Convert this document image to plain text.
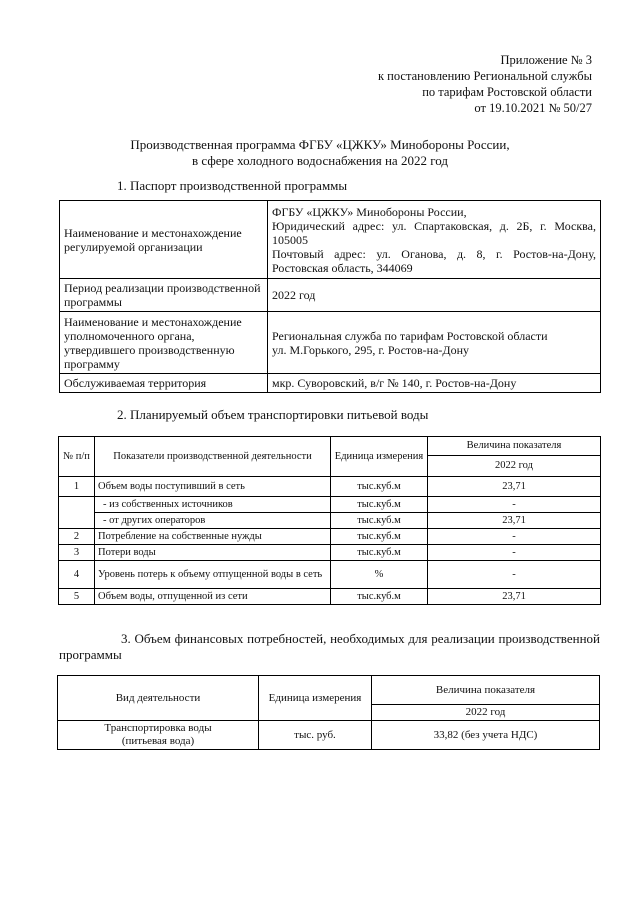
Приложение № 3
к постановлению Региональной службы
по тарифам Ростовской области
от 19.10.2021 № 50/27
Производственная программа ФГБУ «ЦЖКУ» Минобороны России,
в сфере холодного водоснабжения на 2022 год
1. Паспорт производственной программы
Наименование и местонахождение регулируемой организации	ФГБУ «ЦЖКУ» Минобороны России,
Юридический адрес: ул. Спартаковская, д. 2Б, г. Москва,
105005
Почтовый адрес: ул. Оганова, д. 8, г. Ростов-на-Дону,
Ростовская область, 344069

Период реализации производственной программы	2022 год
Наименование и местонахождение уполномоченного органа, утвердившего производственную программу	Региональная служба по тарифам Ростовской области
ул. М.Горького, 295, г. Ростов-на-Дону

Обслуживаемая территория	мкр. Суворовский, в/г № 140, г. Ростов-на-Дону
2. Планируемый объем транспортировки питьевой воды
№ п/п	Показатели производственной деятельности	Единица измерения	Величина показателя
			2022 год
1	Объем воды поступивший в сеть	тыс.куб.м	23,71
	- из собственных источников	тыс.куб.м	-
	- от других операторов	тыс.куб.м	23,71
2	Потребление на собственные нужды	тыс.куб.м	-
3	Потери воды	тыс.куб.м	-
4	Уровень потерь к объему отпущенной воды в сеть	%	-
5	Объем воды, отпущенной из сети	тыс.куб.м	23,71
3. Объем финансовых потребностей, необходимых для реализации производственной программы
Вид деятельности	Единица измерения	Величина показателя
		2022 год

Транспортировка воды
(питьевая вода)	тыс. руб.	33,82 (без учета НДС)
